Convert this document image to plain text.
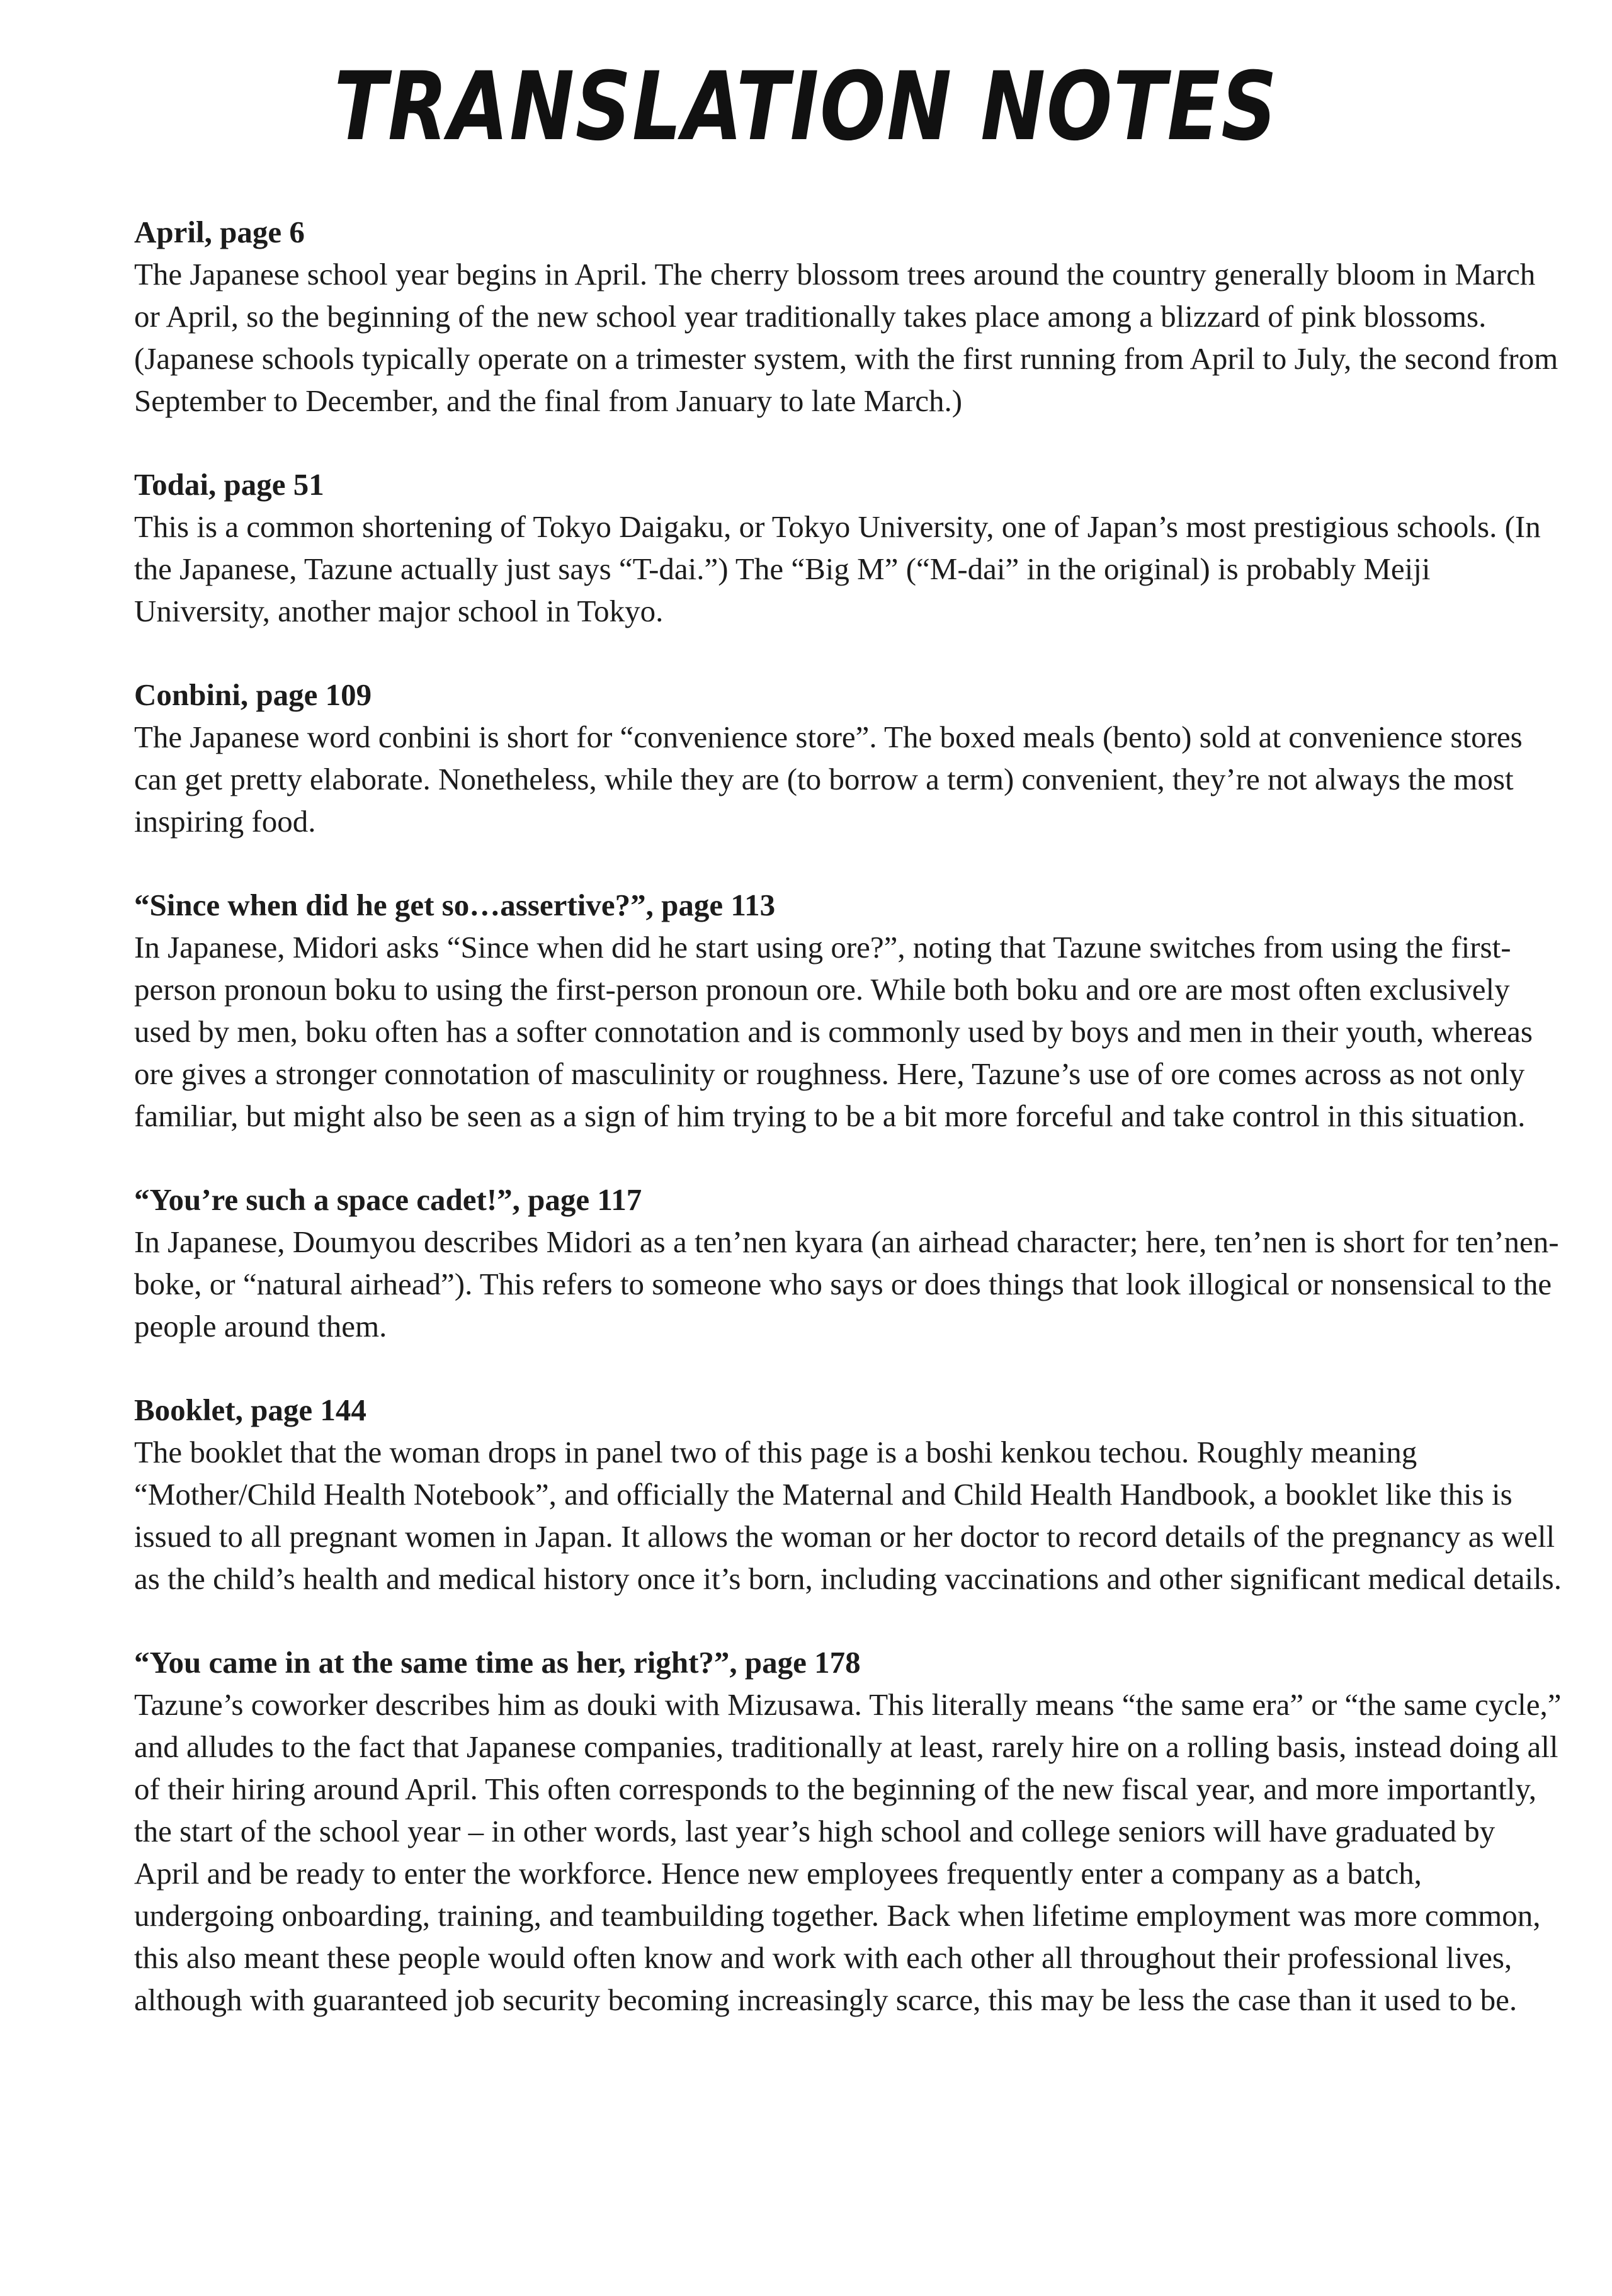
TRANSLATION NOTES

April, page 6

The Japanese school year begins in April. The cherry blossom trees around the country generally bloom in March or April, so the beginning of the new school year traditionally takes place among a blizzard of pink blossoms. (Japanese schools typically operate on a trimester system, with the first running from April to July, the second from September to December, and the final from January to late March.)

Todai, page 51

This is a common shortening of Tokyo Daigaku, or Tokyo University, one of Japan’s most prestigious schools. (In the Japanese, Tazune actually just says “T-dai.”) The “Big M” (“M-dai” in the original) is probably Meiji University, another major school in Tokyo.

Conbini, page 109

The Japanese word conbini is short for “convenience store”. The boxed meals (bento) sold at convenience stores can get pretty elaborate. Nonetheless, while they are (to borrow a term) convenient, they’re not always the most inspiring food.

“Since when did he get so…assertive?”, page 113

In Japanese, Midori asks “Since when did he start using ore?”, noting that Tazune switches from using the first-person pronoun boku to using the first-person pronoun ore. While both boku and ore are most often exclusively used by men, boku often has a softer connotation and is commonly used by boys and men in their youth, whereas ore gives a stronger connotation of masculinity or roughness. Here, Tazune’s use of ore comes across as not only familiar, but might also be seen as a sign of him trying to be a bit more forceful and take control in this situation.

“You’re such a space cadet!”, page 117

In Japanese, Doumyou describes Midori as a ten’nen kyara (an airhead character; here, ten’nen is short for ten’nen-boke, or “natural airhead”). This refers to someone who says or does things that look illogical or nonsensical to the people around them.

Booklet, page 144

The booklet that the woman drops in panel two of this page is a boshi kenkou techou. Roughly meaning “Mother/Child Health Notebook”, and officially the Maternal and Child Health Handbook, a booklet like this is issued to all pregnant women in Japan. It allows the woman or her doctor to record details of the pregnancy as well as the child’s health and medical history once it’s born, including vaccinations and other significant medical details.

“You came in at the same time as her, right?”, page 178

Tazune’s coworker describes him as douki with Mizusawa. This literally means “the same era” or “the same cycle,” and alludes to the fact that Japanese companies, traditionally at least, rarely hire on a rolling basis, instead doing all of their hiring around April. This often corresponds to the beginning of the new fiscal year, and more importantly, the start of the school year – in other words, last year’s high school and college seniors will have graduated by April and be ready to enter the workforce. Hence new employees frequently enter a company as a batch, undergoing onboarding, training, and teambuilding together. Back when lifetime employment was more common, this also meant these people would often know and work with each other all throughout their professional lives, although with guaranteed job security becoming increasingly scarce, this may be less the case than it used to be.
